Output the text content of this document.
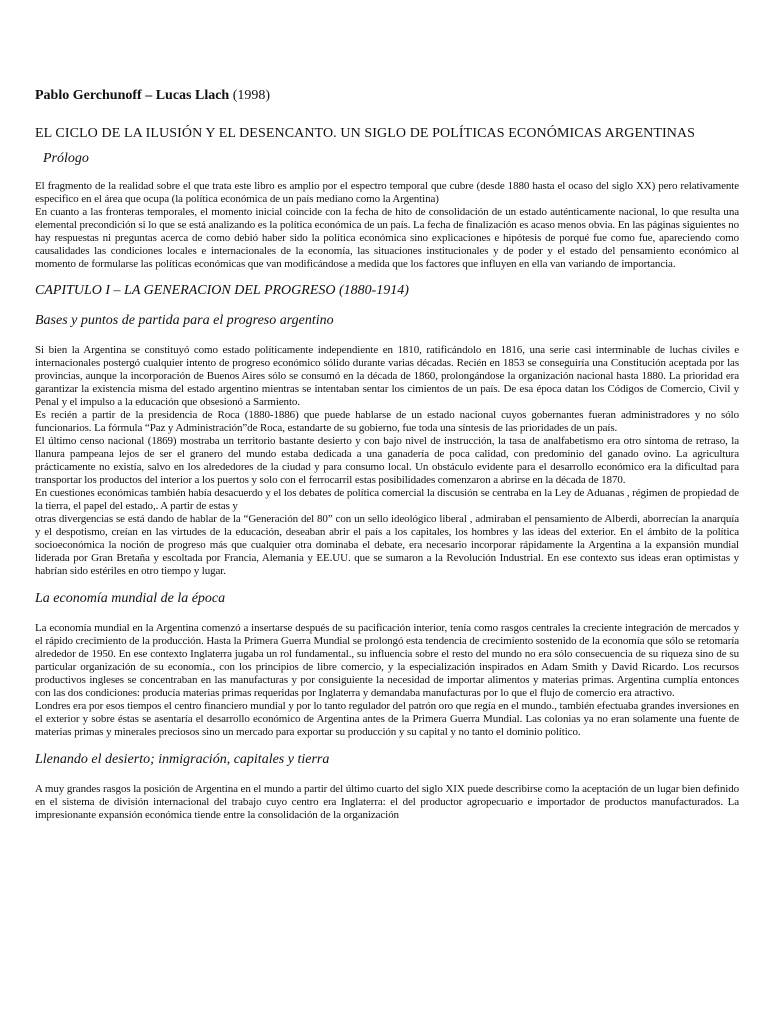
Pablo Gerchunoff – Lucas Llach (1998)
EL CICLO DE LA ILUSIÓN Y EL DESENCANTO. UN SIGLO DE POLÍTICAS ECONÓMICAS ARGENTINAS
Prólogo

El fragmento de la realidad sobre el que trata este libro es amplio por el espectro temporal que cubre (desde 1880 hasta el ocaso del siglo XX) pero relativamente especifico en el área que ocupa (la política económica de un país mediano como la Argentina)

En cuanto a las fronteras temporales, el momento inicial coincide con la fecha de hito de consolidación de un estado auténticamente nacional, lo que resulta una elemental precondición si lo que se está analizando es la política económica de un país. La fecha de finalización es acaso menos obvia. En las páginas siguientes no hay respuestas ni preguntas acerca de como debió haber sido la política económica sino explicaciones e hipótesis de porqué fue como fue, apareciendo como causalidades las condiciones locales e internacionales de la economía, las situaciones institucionales y de poder y el estado del pensamiento económico al momento de formularse las políticas económicas que van modificándose a medida que los factores que influyen en ella van variando de importancia.

CAPITULO I – LA GENERACION DEL PROGRESO (1880-1914)
Bases y puntos de partida para el progreso argentino

Si bien la Argentina se constituyó como estado políticamente independiente en 1810, ratificándolo en 1816, una serie casi interminable de luchas civiles e internacionales postergó cualquier intento de progreso económico sólido durante varias décadas. Recién en 1853 se conseguiría una Constitución aceptada por las provincias, aunque la incorporación de Buenos Aires sólo se consumó en la década de 1860, prolongándose la organización nacional hasta 1880. La prioridad era garantizar la existencia misma del estado argentino mientras se intentaban sentar los cimientos de un país. De esa época datan los Códigos de Comercio, Civil y Penal y el impulso a la educación que obsesionó a Sarmiento.

Es recién a partir de la presidencia de Roca (1880-1886) que puede hablarse de un estado nacional cuyos gobernantes fueran administradores y no sólo funcionarios. La fórmula “Paz y Administración”de Roca, estandarte de su gobierno, fue toda una síntesis de las prioridades de un país.

El último censo nacional (1869) mostraba un territorio bastante desierto y con bajo nivel de instrucción, la tasa de analfabetismo era otro síntoma de retraso, la llanura pampeana lejos de ser el granero del mundo estaba dedicada a una ganadería de poca calidad, con predominio del ganado ovino. La agricultura prácticamente no existía, salvo en los alrededores de la ciudad y para consumo local. Un obstáculo evidente para el desarrollo económico era la dificultad para transportar los productos del interior a los puertos y solo con el ferrocarril estas posibilidades comenzaron a abrirse en la década de 1870.

En cuestiones económicas también había desacuerdo y el los debates de política comercial la discusión se centraba en la Ley de Aduanas , régimen de propiedad de la tierra, el papel del estado,. A partir de estas y

otras divergencias se está dando de hablar de la “Generación del 80” con un sello ideológico liberal , admiraban el pensamiento de Alberdi, aborrecían la anarquía y el despotismo, creían en las virtudes de la educación, deseaban abrir el país a los capitales, los hombres y las ideas del exterior. En el ámbito de la política socioeconómica la noción de progreso más que cualquier otra dominaba el debate, era necesario incorporar rápidamente la Argentina a la expansión mundial liderada por Gran Bretaña y escoltada por Francia, Alemania y EE.UU. que se sumaron a la Revolución Industrial. En ese contexto sus ideas eran optimistas y habrían sido estériles en otro tiempo y lugar.

La economía mundial de la época

La economía mundial en la Argentina comenzó a insertarse después de su pacificación interior, tenía como rasgos centrales la creciente integración de mercados y el rápido crecimiento de la producción. Hasta la Primera Guerra Mundial se prolongó esta tendencia de crecimiento sostenido de la economía que sólo se retomaría alrededor de 1950. En ese contexto Inglaterra jugaba un rol fundamental., su influencia sobre el resto del mundo no era sólo consecuencia de su riqueza sino de su particular organización de su economía., con los principios de libre comercio, y la especialización inspirados en Adam Smith y David Ricardo. Los recursos productivos ingleses se concentraban en las manufacturas y por consiguiente la necesidad de importar alimentos y materias primas. Argentina cumplía entonces con las dos condiciones: producía materias primas requeridas por Inglaterra y demandaba manufacturas por lo que el flujo de comercio era atractivo.

Londres era por esos tiempos el centro financiero mundial y por lo tanto regulador del patrón oro que regía en el mundo., también efectuaba grandes inversiones en el exterior y sobre éstas se asentaría el desarrollo económico de Argentina antes de la Primera Guerra Mundial. Las colonias ya no eran solamente una fuente de materias primas y minerales preciosos sino un mercado para exportar su producción y su capital y no tanto el dominio político.

Llenando el desierto; inmigración, capitales y tierra

A muy grandes rasgos la posición de Argentina en el mundo a partir del último cuarto del siglo XIX puede describirse como la aceptación de un lugar bien definido en el sistema de división internacional del trabajo cuyo centro era Inglaterra: el del productor agropecuario e importador de productos manufacturados. La impresionante expansión económica tiende entre la consolidación de la organización
